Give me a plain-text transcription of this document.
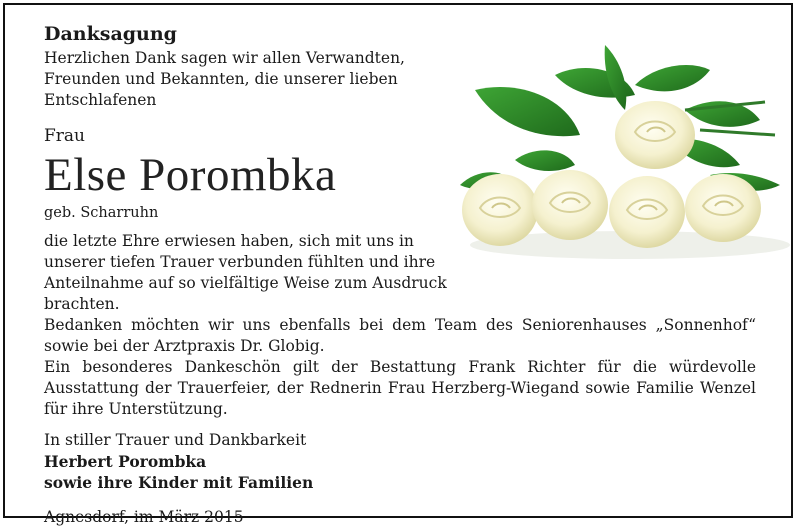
Danksagung

Herzlichen Dank sagen wir allen Verwandten, Freunden und Bekannten, die unserer lieben Entschlafenen

Frau

Else Porombka

geb. Scharruhn

die letzte Ehre erwiesen haben, sich mit uns in unserer tiefen Trauer verbunden fühlten und ihre Anteilnahme auf so vielfältige Weise zum Ausdruck brachten.

Bedanken möchten wir uns ebenfalls bei dem Team des Seniorenhauses „Sonnenhof“ sowie bei der Arztpraxis Dr. Globig.

Ein besonderes Dankeschön gilt der Bestattung Frank Richter für die würdevolle Ausstattung der Trauerfeier, der Rednerin Frau Herzberg-Wiegand sowie Familie Wenzel für ihre Unterstützung.

In stiller Trauer und Dankbarkeit

Herbert Porombka

sowie ihre Kinder mit Familien

Agnesdorf, im März 2015
